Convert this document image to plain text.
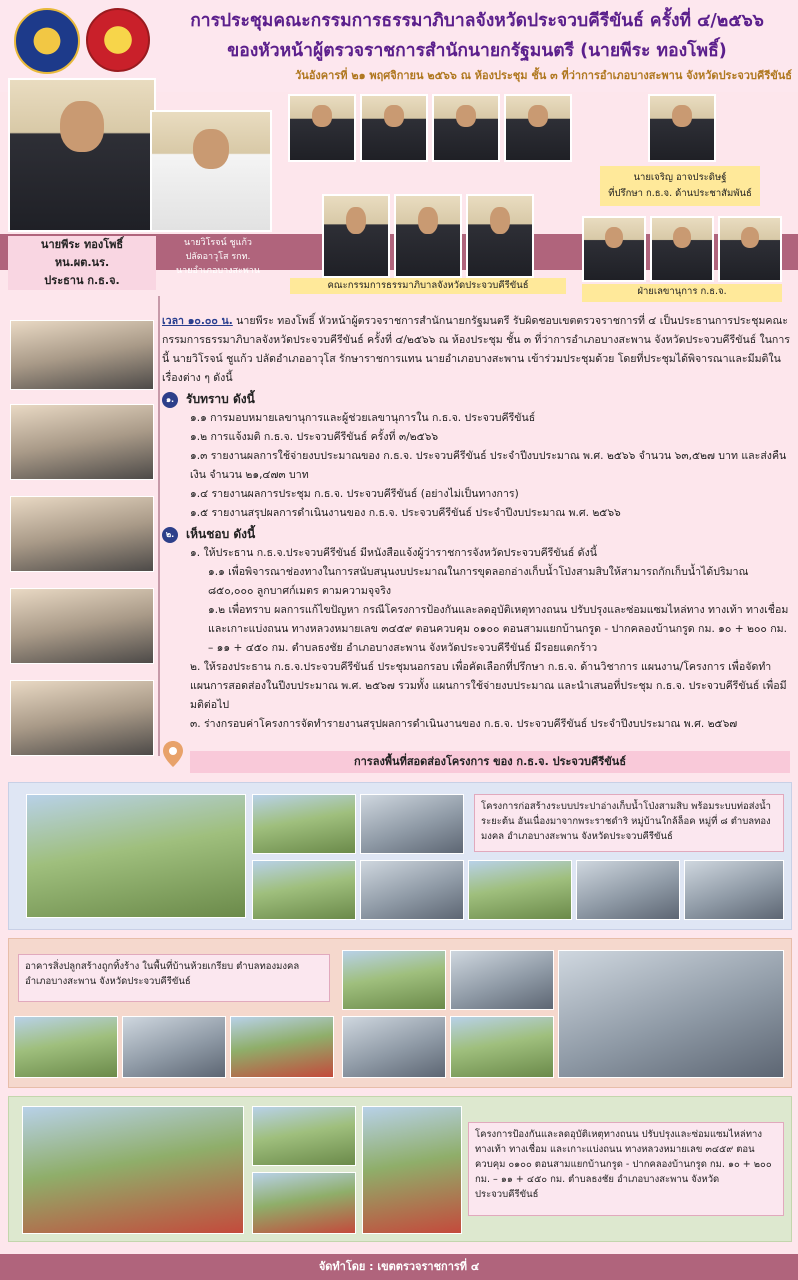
การประชุมคณะกรรมการธรรมาภิบาลจังหวัดประจวบคีรีขันธ์ ครั้งที่ ๔/๒๕๖๖
ของหัวหน้าผู้ตรวจราชการสำนักนายกรัฐมนตรี (นายพีระ ทองโพธิ์)
วันอังคารที่ ๒๑ พฤศจิกายน ๒๕๖๖ ณ ห้องประชุม ชั้น ๓ ที่ว่าการอำเภอบางสะพาน จังหวัดประจวบคีรีขันธ์
นายพีระ ทองโพธิ์
หน.ผต.นร.
ประธาน ก.ธ.จ.
นายวิโรจน์ ชูแก้ว
ปลัดอาวุโส รกท.
นายอำเภอบางสะพาน
คณะกรรมการธรรมาภิบาลจังหวัดประจวบคีรีขันธ์
นายเจริญ อาจประดิษฐ์
ที่ปรึกษา ก.ธ.จ. ด้านประชาสัมพันธ์
ฝ่ายเลขานุการ ก.ธ.จ.

เวลา ๑๐.๐๐ น. นายพีระ ทองโพธิ์ หัวหน้าผู้ตรวจราชการสำนักนายกรัฐมนตรี รับผิดชอบเขตตรวจราชการที่ ๔ เป็นประธานการประชุมคณะกรรมการธรรมาภิบาลจังหวัดประจวบคีรีขันธ์ ครั้งที่ ๔/๒๕๖๖ ณ ห้องประชุม ชั้น ๓ ที่ว่าการอำเภอบางสะพาน จังหวัดประจวบคีรีขันธ์ ในการนี้ นายวิโรจน์ ชูแก้ว ปลัดอำเภออาวุโส รักษาราชการแทน นายอำเภอบางสะพาน เข้าร่วมประชุมด้วย โดยที่ประชุมได้พิจารณาและมีมติในเรื่องต่าง ๆ ดังนี้

๑. รับทราบ ดังนี้
๑.๑ การมอบหมายเลขานุการและผู้ช่วยเลขานุการใน ก.ธ.จ. ประจวบคีรีขันธ์
๑.๒ การแจ้งมติ ก.ธ.จ. ประจวบคีรีขันธ์ ครั้งที่ ๓/๒๕๖๖
๑.๓ รายงานผลการใช้จ่ายงบประมาณของ ก.ธ.จ. ประจวบคีรีขันธ์ ประจำปีงบประมาณ พ.ศ. ๒๕๖๖ จำนวน ๖๓,๕๒๗ บาท และส่งคืนเงิน จำนวน ๒๑,๔๗๓ บาท
๑.๔ รายงานผลการประชุม ก.ธ.จ. ประจวบคีรีขันธ์ (อย่างไม่เป็นทางการ)
๑.๕ รายงานสรุปผลการดำเนินงานของ ก.ธ.จ. ประจวบคีรีขันธ์ ประจำปีงบประมาณ พ.ศ. ๒๕๖๖
๒. เห็นชอบ ดังนี้
๑. ให้ประธาน ก.ธ.จ.ประจวบคีรีขันธ์ มีหนังสือแจ้งผู้ว่าราชการจังหวัดประจวบคีรีขันธ์ ดังนี้
๑.๑ เพื่อพิจารณาช่องทางในการสนับสนุนงบประมาณในการขุดลอกอ่างเก็บน้ำโป่งสามสิบให้สามารถกักเก็บน้ำได้ปริมาณ ๘๕๐,๐๐๐ ลูกบาศก์เมตร ตามความจุจริง
๑.๒ เพื่อทราบ ผลการแก้ไขปัญหา กรณีโครงการป้องกันและลดอุบัติเหตุทางถนน ปรับปรุงและซ่อมแซมไหล่ทาง ทางเท้า ทางเชื่อม และเกาะแบ่งถนน ทางหลวงหมายเลข ๓๔๕๙ ตอนควบคุม ๐๑๐๐ ตอนสามแยกบ้านกรูด - ปากคลองบ้านกรูด กม. ๑๐ + ๒๐๐ กม. – ๑๑ + ๔๕๐ กม. ตำบลธงชัย อำเภอบางสะพาน จังหวัดประจวบคีรีขันธ์ มีรอยแตกร้าว
๒. ให้รองประธาน ก.ธ.จ.ประจวบคีรีขันธ์ ประชุมนอกรอบ เพื่อคัดเลือกที่ปรึกษา ก.ธ.จ. ด้านวิชาการ แผนงาน/โครงการ เพื่อจัดทำแผนการสอดส่องในปีงบประมาณ พ.ศ. ๒๕๖๗ รวมทั้ง แผนการใช้จ่ายงบประมาณ และนำเสนอที่ประชุม ก.ธ.จ. ประจวบคีรีขันธ์ เพื่อมีมติต่อไป
๓. ร่างกรอบค่าโครงการจัดทำรายงานสรุปผลการดำเนินงานของ ก.ธ.จ. ประจวบคีรีขันธ์ ประจำปีงบประมาณ พ.ศ. ๒๕๖๗
การลงพื้นที่สอดส่องโครงการ ของ ก.ธ.จ. ประจวบคีรีขันธ์
โครงการก่อสร้างระบบประปาอ่างเก็บน้ำโป่งสามสิบ พร้อมระบบท่อส่งน้ำระยะต้น อันเนื่องมาจากพระราชดำริ หมู่บ้านใกล้ล็อค หมู่ที่ ๘ ตำบลทองมงคล อำเภอบางสะพาน จังหวัดประจวบคีรีขันธ์
อาคารสิ่งปลูกสร้างถูกทิ้งร้าง ในพื้นที่บ้านห้วยเกรียบ ตำบลทองมงคล อำเภอบางสะพาน จังหวัดประจวบคีรีขันธ์
โครงการป้องกันและลดอุบัติเหตุทางถนน ปรับปรุงและซ่อมแซมไหล่ทาง ทางเท้า ทางเชื่อม และเกาะแบ่งถนน ทางหลวงหมายเลข ๓๔๕๙ ตอนควบคุม ๐๑๐๐ ตอนสามแยกบ้านกรูด - ปากคลองบ้านกรูด กม. ๑๐ + ๒๐๐ กม. – ๑๑ + ๔๕๐ กม. ตำบลธงชัย อำเภอบางสะพาน จังหวัดประจวบคีรีขันธ์
จัดทำโดย : เขตตรวจราชการที่ ๔
